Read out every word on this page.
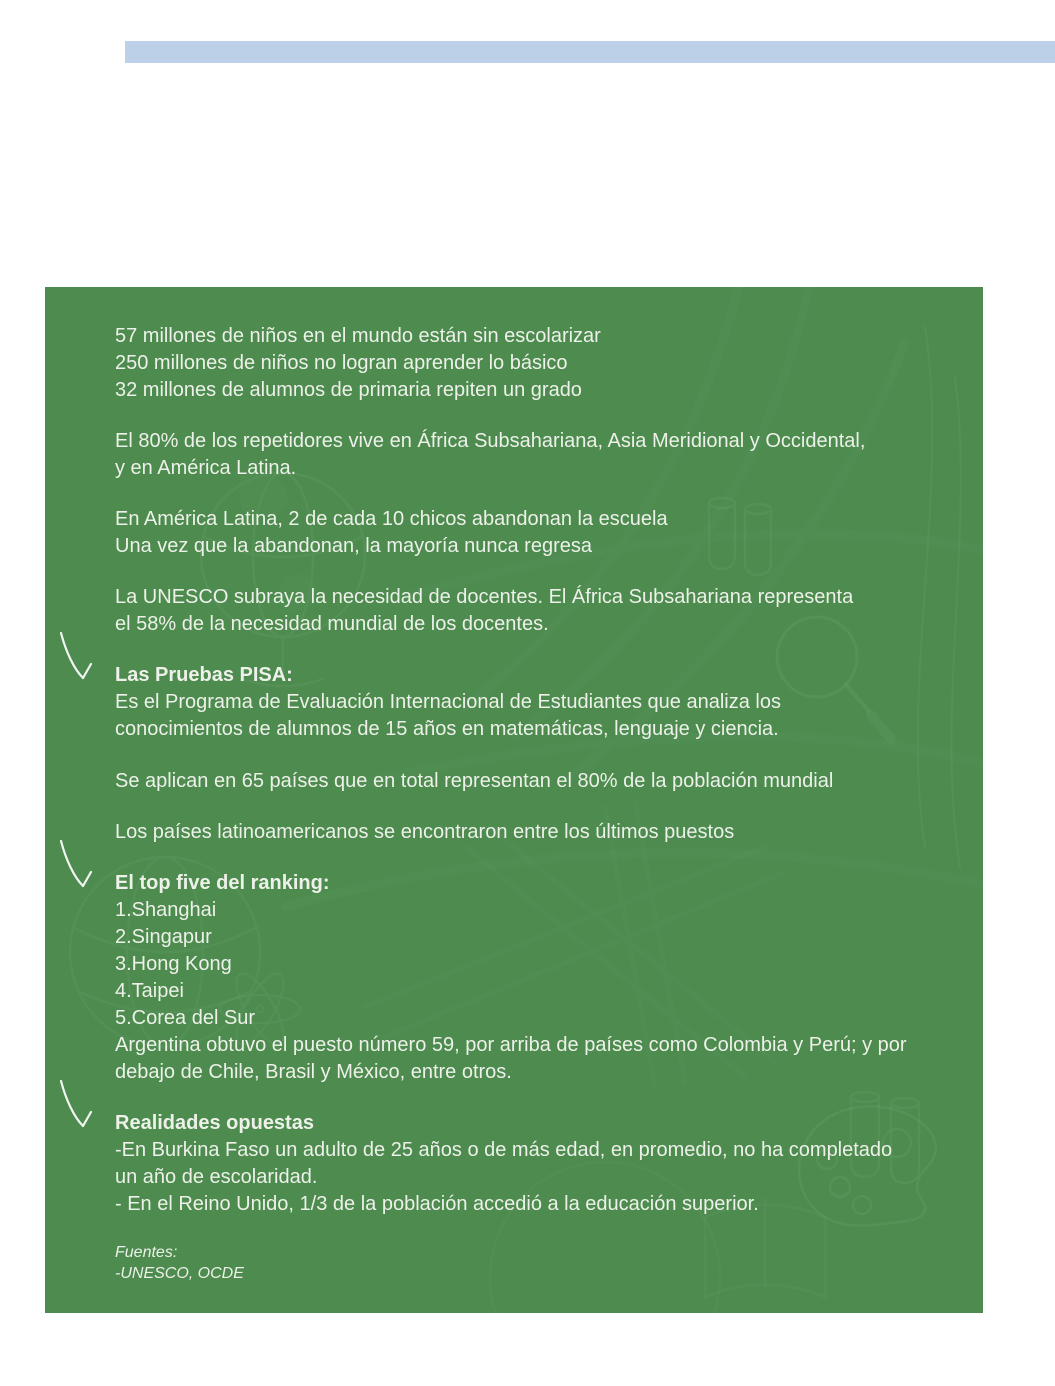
57 millones de niños en el mundo están sin escolarizar
250 millones de niños no logran aprender lo básico
32 millones de alumnos de primaria repiten un grado
El 80% de los repetidores vive en África Subsahariana, Asia Meridional y Occidental,
y en América Latina.
En América Latina, 2 de cada 10 chicos abandonan la escuela
Una vez que la abandonan, la mayoría nunca regresa
La UNESCO subraya la necesidad de docentes. El África Subsahariana representa
el 58% de la necesidad mundial de los docentes.
Las Pruebas PISA:
Es el Programa de Evaluación Internacional de Estudiantes que analiza los
conocimientos de alumnos de 15 años en matemáticas, lenguaje y ciencia.
Se aplican en 65 países que en total representan el 80% de la población mundial
Los países latinoamericanos se encontraron entre los últimos puestos
El top five del ranking:
1.Shanghai
2.Singapur
3.Hong Kong
4.Taipei
5.Corea del Sur
Argentina obtuvo el puesto número 59, por arriba de países como Colombia y Perú; y por
debajo de Chile, Brasil y México, entre otros.
Realidades opuestas
-En Burkina Faso un adulto de 25 años o de más edad, en promedio, no ha completado
un año de escolaridad.
- En el Reino Unido, 1/3 de la población accedió a la educación superior.
Fuentes:
-UNESCO, OCDE
